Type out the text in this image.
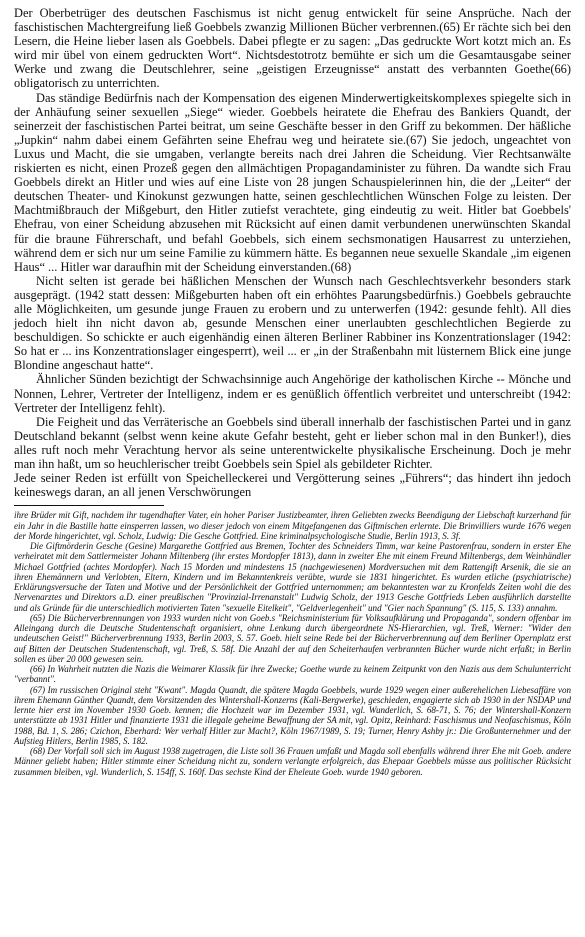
Der Oberbetrüger des deutschen Faschismus ist nicht genug entwickelt für seine Ansprüche. Nach der faschistischen Machtergreifung ließ Goebbels zwanzig Millionen Bücher verbrennen.(65) Er rächte sich bei den Lesern, die Heine lieber lasen als Goebbels. Dabei pflegte er zu sagen: „Das gedruckte Wort kotzt mich an. Es wird mir übel von einem gedruckten Wort“. Nichtsdestotrotz bemühte er sich um die Gesamtausgabe seiner Werke und zwang die Deutschlehrer, seine „geistigen Erzeugnisse“ anstatt des verbannten Goethe(66) obligatorisch zu unterrichten.

Das ständige Bedürfnis nach der Kompensation des eigenen Minderwertigkeitskomplexes spiegelte sich in der Anhäufung seiner sexuellen „Siege“ wieder. Goebbels heiratete die Ehefrau des Bankiers Quandt, der seinerzeit der faschistischen Partei beitrat, um seine Geschäfte besser in den Griff zu bekommen. Der häßliche „Jupkin“ nahm dabei einem Gefährten seine Ehefrau weg und heiratete sie.(67) Sie jedoch, ungeachtet von Luxus und Macht, die sie umgaben, verlangte bereits nach drei Jahren die Scheidung. Vier Rechtsanwälte riskierten es nicht, einen Prozeß gegen den allmächtigen Propagandaminister zu führen. Da wandte sich Frau Goebbels direkt an Hitler und wies auf eine Liste von 28 jungen Schauspielerinnen hin, die der „Leiter“ der deutschen Theater- und Kinokunst gezwungen hatte, seinen geschlechtlichen Wünschen Folge zu leisten. Der Machtmißbrauch der Mißgeburt, den Hitler zutiefst verachtete, ging eindeutig zu weit. Hitler bat Goebbels' Ehefrau, von einer Scheidung abzusehen mit Rücksicht auf einen damit verbundenen unerwünschten Skandal für die braune Führerschaft, und befahl Goebbels, sich einem sechsmonatigen Hausarrest zu unterziehen, während dem er sich nur um seine Familie zu kümmern hätte. Es begannen neue sexuelle Skandale „im eigenen Haus“ ... Hitler war daraufhin mit der Scheidung einverstanden.(68)

Nicht selten ist gerade bei häßlichen Menschen der Wunsch nach Geschlechtsverkehr besonders stark ausgeprägt. (1942 statt dessen: Mißgeburten haben oft ein erhöhtes Paarungsbedürfnis.) Goebbels gebrauchte alle Möglichkeiten, um gesunde junge Frauen zu erobern und zu unterwerfen (1942: gesunde fehlt). All dies jedoch hielt ihn nicht davon ab, gesunde Menschen einer unerlaubten geschlechtlichen Begierde zu beschuldigen. So schickte er auch eigenhändig einen älteren Berliner Rabbiner ins Konzentrationslager (1942: So hat er ... ins Konzentrationslager eingesperrt), weil ... er „in der Straßenbahn mit lüsternem Blick eine junge Blondine angeschaut hatte“.

Ähnlicher Sünden bezichtigt der Schwachsinnige auch Angehörige der katholischen Kirche -- Mönche und Nonnen, Lehrer, Vertreter der Intelligenz, indem er es genüßlich öffentlich verbreitet und unterschreibt (1942: Vertreter der Intelligenz fehlt).

Die Feigheit und das Verräterische an Goebbels sind überall innerhalb der faschistischen Partei und in ganz Deutschland bekannt (selbst wenn keine akute Gefahr besteht, geht er lieber schon mal in den Bunker!), dies alles ruft noch mehr Verachtung hervor als seine unterentwickelte physikalische Erscheinung. Doch je mehr man ihn haßt, um so heuchlerischer treibt Goebbels sein Spiel als gebildeter Richter.

Jede seiner Reden ist erfüllt von Speichelleckerei und Vergötterung seines „Führers“; das hindert ihn jedoch keineswegs daran, an all jenen Verschwörungen

ihre Brüder mit Gift, nachdem ihr tugendhafter Vater, ein hoher Pariser Justizbeamter, ihren Geliebten zwecks Beendigung der Liebschaft kurzerhand für ein Jahr in die Bastille hatte einsperren lassen, wo dieser jedoch von einem Mitgefangenen das Giftmischen erlernte. Die Brinvilliers wurde 1676 wegen der Morde hingerichtet, vgl. Scholz, Ludwig: Die Gesche Gottfried. Eine kriminalpsychologische Studie, Berlin 1913, S. 3f.

Die Giftmörderin Gesche (Gesine) Margarethe Gottfried aus Bremen, Tochter des Schneiders Timm, war keine Pastorenfrau, sondern in erster Ehe verheiratet mit dem Sattlermeister Johann Miltenberg (ihr erstes Mordopfer 1813), dann in zweiter Ehe mit einem Freund Miltenbergs, dem Weinhändler Michael Gottfried (achtes Mordopfer). Nach 15 Morden und mindestens 15 (nachgewiesenen) Mordversuchen mit dem Rattengift Arsenik, die sie an ihren Ehemännern und Verlobten, Eltern, Kindern und im Bekanntenkreis verübte, wurde sie 1831 hingerichtet. Es wurden etliche (psychiatrische) Erklärungsversuche der Taten und Motive und der Persönlichkeit der Gottfried unternommen; am bekanntesten war zu Kronfelds Zeiten wohl die des Nervenarztes und Direktors a.D. einer preußischen "Provinzial-Irrenanstalt" Ludwig Scholz, der 1913 Gesche Gottfrieds Leben ausführlich darstellte und als Gründe für die unterschiedlich motivierten Taten "sexuelle Eitelkeit", "Geldverlegenheit" und "Gier nach Spannung" (S. 115, S. 133) annahm.

(65) Die Bücherverbrennungen von 1933 wurden nicht von Goeb.s "Reichsministerium für Volksaufklärung und Propaganda", sondern offenbar im Alleingang durch die Deutsche Studentenschaft organisiert, ohne Lenkung durch übergeordnete NS-Hierarchien, vgl. Treß, Werner: "Wider den undeutschen Geist!" Bücherverbrennung 1933, Berlin 2003, S. 57. Goeb. hielt seine Rede bei der Bücherverbrennung auf dem Berliner Opernplatz erst auf Bitten der Deutschen Studentenschaft, vgl. Treß, S. 58f. Die Anzahl der auf den Scheiterhaufen verbrannten Bücher wurde nicht erfaßt; in Berlin sollen es über 20 000 gewesen sein.

(66) In Wahrheit nutzten die Nazis die Weimarer Klassik für ihre Zwecke; Goethe wurde zu keinem Zeitpunkt von den Nazis aus dem Schulunterricht "verbannt".

(67) Im russischen Original steht "Kwant". Magda Quandt, die spätere Magda Goebbels, wurde 1929 wegen einer außerehelichen Liebesaffäre von ihrem Ehemann Günther Quandt, dem Vorsitzenden des Wintershall-Konzerns (Kali-Bergwerke), geschieden, engagierte sich ab 1930 in der NSDAP und lernte hier erst im November 1930 Goeb. kennen; die Hochzeit war im Dezember 1931, vgl. Wunderlich, S. 68-71, S. 76; der Wintershall-Konzern unterstützte ab 1931 Hitler und finanzierte 1931 die illegale geheime Bewaffnung der SA mit, vgl. Opitz, Reinhard: Faschismus und Neofaschismus, Köln 1988, Bd. 1, S. 286; Czichon, Eberhard: Wer verhalf Hitler zur Macht?, Köln 1967/1989, S. 19; Turner, Henry Ashby jr.: Die Großunternehmer und der Aufstieg Hitlers, Berlin 1985, S. 182.

(68) Der Vorfall soll sich im August 1938 zugetragen, die Liste soll 36 Frauen umfaßt und Magda soll ebenfalls während ihrer Ehe mit Goeb. andere Männer geliebt haben; Hitler stimmte einer Scheidung nicht zu, sondern verlangte erfolgreich, das Ehepaar Goebbels müsse aus politischer Rücksicht zusammen bleiben, vgl. Wunderlich, S. 154ff, S. 160f. Das sechste Kind der Eheleute Goeb. wurde 1940 geboren.
